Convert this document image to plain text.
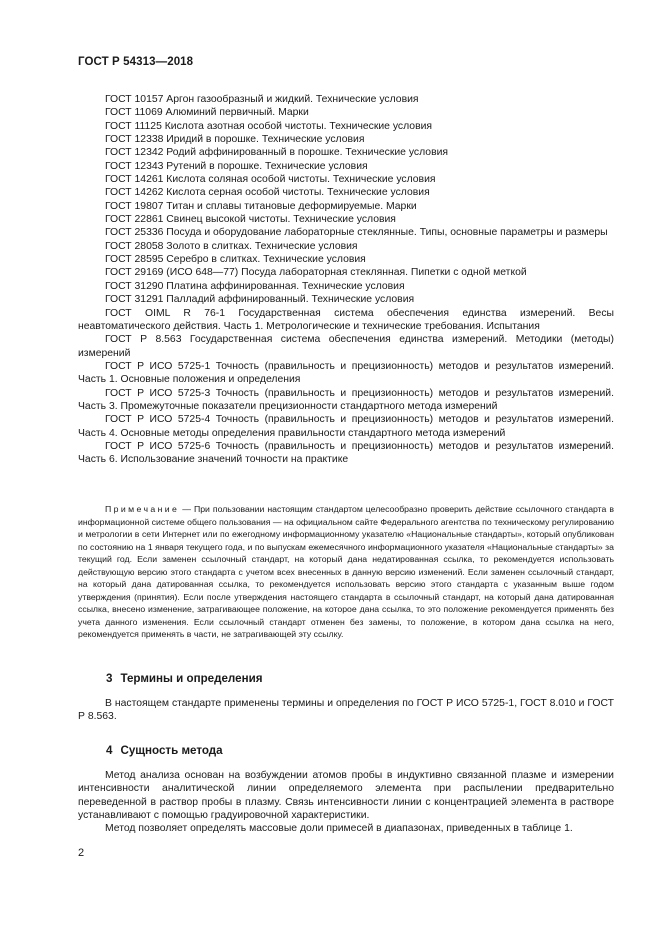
ГОСТ Р 54313—2018

ГОСТ 10157 Аргон газообразный и жидкий. Технические условия

ГОСТ 11069 Алюминий первичный. Марки

ГОСТ 11125 Кислота азотная особой чистоты. Технические условия

ГОСТ 12338 Иридий в порошке. Технические условия

ГОСТ 12342 Родий аффинированный в порошке. Технические условия

ГОСТ 12343 Рутений в порошке. Технические условия

ГОСТ 14261 Кислота соляная особой чистоты. Технические условия

ГОСТ 14262 Кислота серная особой чистоты. Технические условия

ГОСТ 19807 Титан и сплавы титановые деформируемые. Марки

ГОСТ 22861 Свинец высокой чистоты. Технические условия

ГОСТ 25336 Посуда и оборудование лабораторные стеклянные. Типы, основные параметры и размеры

ГОСТ 28058 Золото в слитках. Технические условия

ГОСТ 28595 Серебро в слитках. Технические условия

ГОСТ 29169 (ИСО 648—77) Посуда лабораторная стеклянная. Пипетки с одной меткой

ГОСТ 31290 Платина аффинированная. Технические условия

ГОСТ 31291 Палладий аффинированный. Технические условия

ГОСТ OIML R 76-1 Государственная система обеспечения единства измерений. Весы неавтоматического действия. Часть 1. Метрологические и технические требования. Испытания

ГОСТ Р 8.563 Государственная система обеспечения единства измерений. Методики (методы) измерений

ГОСТ Р ИСО 5725-1 Точность (правильность и прецизионность) методов и результатов измерений. Часть 1. Основные положения и определения

ГОСТ Р ИСО 5725-3 Точность (правильность и прецизионность) методов и результатов измерений. Часть 3. Промежуточные показатели прецизионности стандартного метода измерений

ГОСТ Р ИСО 5725-4 Точность (правильность и прецизионность) методов и результатов измерений. Часть 4. Основные методы определения правильности стандартного метода измерений

ГОСТ Р ИСО 5725-6 Точность (правильность и прецизионность) методов и результатов измерений. Часть 6. Использование значений точности на практике

Примечание — При пользовании настоящим стандартом целесообразно проверить действие ссылочного стандарта в информационной системе общего пользования — на официальном сайте Федерального агентства по техническому регулированию и метрологии в сети Интернет или по ежегодному информационному указателю «Национальные стандарты», который опубликован по состоянию на 1 января текущего года, и по выпускам ежемесячного информационного указателя «Национальные стандарты» за текущий год. Если заменен ссылочный стандарт, на который дана недатированная ссылка, то рекомендуется использовать действующую версию этого стандарта с учетом всех внесенных в данную версию изменений. Если заменен ссылочный стандарт, на который дана датированная ссылка, то рекомендуется использовать версию этого стандарта с указанным выше годом утверждения (принятия). Если после утверждения настоящего стандарта в ссылочный стандарт, на который дана датированная ссылка, внесено изменение, затрагивающее положение, на которое дана ссылка, то это положение рекомендуется применять без учета данного изменения. Если ссылочный стандарт отменен без замены, то положение, в котором дана ссылка на него, рекомендуется применять в части, не затрагивающей эту ссылку.

3 Термины и определения

В настоящем стандарте применены термины и определения по ГОСТ Р ИСО 5725-1, ГОСТ 8.010 и ГОСТ Р 8.563.

4 Сущность метода

Метод анализа основан на возбуждении атомов пробы в индуктивно связанной плазме и измерении интенсивности аналитической линии определяемого элемента при распылении предварительно переведенной в раствор пробы в плазму. Связь интенсивности линии с концентрацией элемента в растворе устанавливают с помощью градуировочной характеристики.

Метод позволяет определять массовые доли примесей в диапазонах, приведенных в таблице 1.

2
